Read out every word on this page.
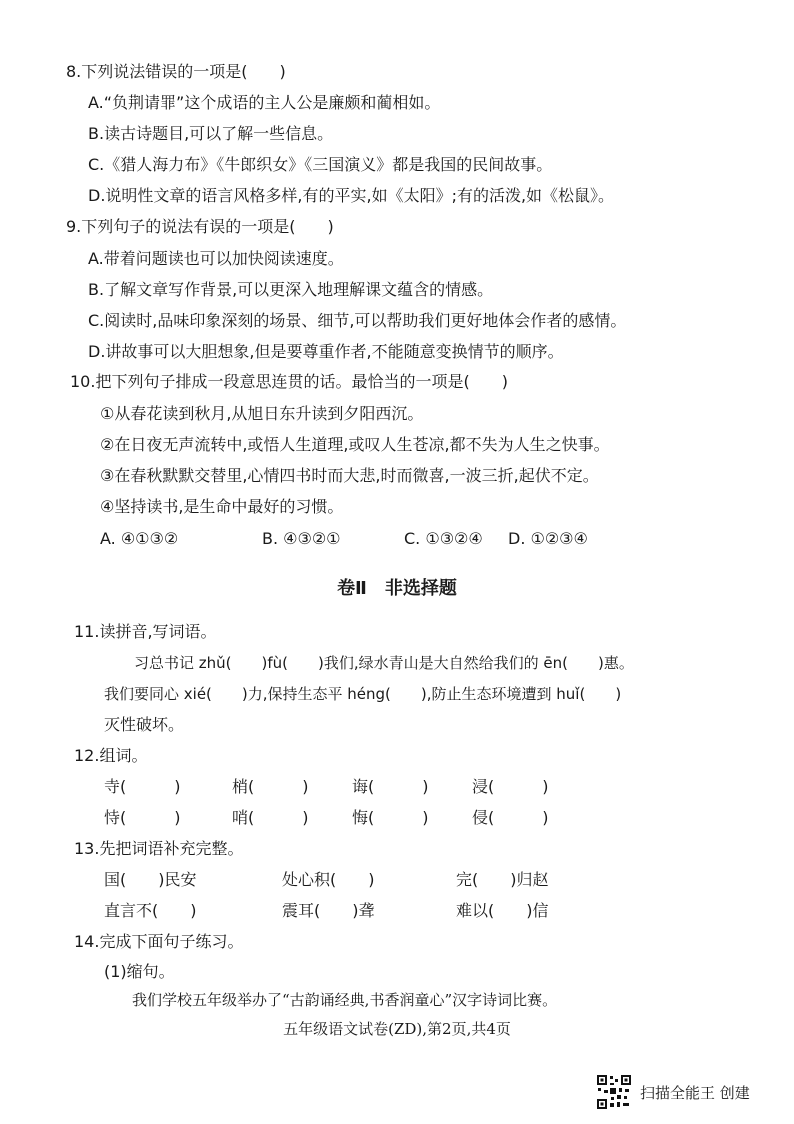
8.下列说法错误的一项是(　　)
A.“负荆请罪”这个成语的主人公是廉颇和蔺相如。
B.读古诗题目,可以了解一些信息。
C.《猎人海力布》《牛郎织女》《三国演义》都是我国的民间故事。
D.说明性文章的语言风格多样,有的平实,如《太阳》;有的活泼,如《松鼠》。
9.下列句子的说法有误的一项是(　　)
A.带着问题读也可以加快阅读速度。
B.了解文章写作背景,可以更深入地理解课文蕴含的情感。
C.阅读时,品味印象深刻的场景、细节,可以帮助我们更好地体会作者的感情。
D.讲故事可以大胆想象,但是要尊重作者,不能随意变换情节的顺序。
10.把下列句子排成一段意思连贯的话。最恰当的一项是(　　)
①从春花读到秋月,从旭日东升读到夕阳西沉。
②在日夜无声流转中,或悟人生道理,或叹人生苍凉,都不失为人生之快事。
③在春秋默默交替里,心情四书时而大悲,时而微喜,一波三折,起伏不定。
④坚持读书,是生命中最好的习惯。
A. ④①③②	B. ④③②①	C. ①③②④ D. ①②③④
卷Ⅱ　非选择题
11.读拼音,写词语。
习总书记 zhǔ(　　)fù(　　)我们,绿水青山是大自然给我们的 ēn(　　)惠。
我们要同心 xié(　　)力,保持生态平 héng(　　),防止生态环境遭到 huǐ(　　)
灭性破坏。
12.组词。
寺(　　　)	梢(　　　)	诲(　　　)	浸(　　　)
恃(　　　)	哨(　　　)	悔(　　　)	侵(　　　)
13.先把词语补充完整。
国(　　)民安	处心积(　　)	完(　　)归赵
直言不(　　)	震耳(　　)聋	难以(　　)信
14.完成下面句子练习。
(1)缩句。
我们学校五年级举办了“古韵诵经典,书香润童心”汉字诗词比赛。
五年级语文试卷(ZD),第2页,共4页
扫描全能王 创建
